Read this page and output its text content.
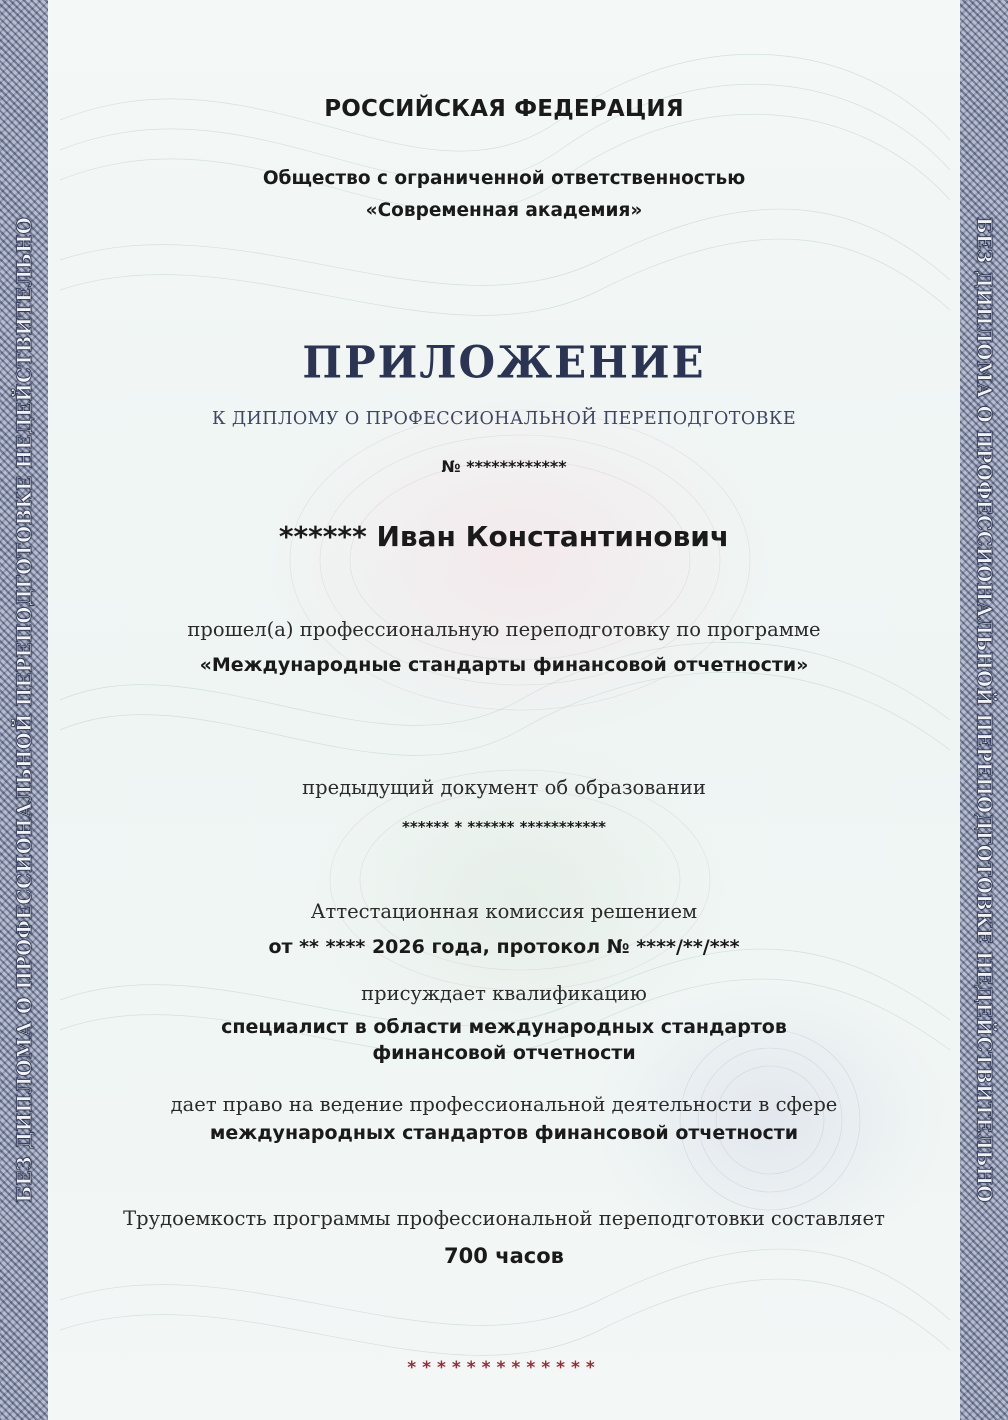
БЕЗ ДИПЛОМА О ПРОФЕССИОНАЛЬНОЙ ПЕРЕПОДГОТОВКЕ НЕДЕЙСТВИТЕЛЬНО	БЕЗ ДИПЛОМА О ПРОФЕССИОНАЛЬНОЙ ПЕРЕПОДГОТОВКЕ НЕДЕЙСТВИТЕЛЬНО
РОССИЙСКАЯ ФЕДЕРАЦИЯ
Общество с ограниченной ответственностью
«Современная академия»
ПРИЛОЖЕНИЕ
К ДИПЛОМУ О ПРОФЕССИОНАЛЬНОЙ ПЕРЕПОДГОТОВКЕ
№ ************
****** Иван Константинович
прошел(а) профессиональную переподготовку по программе
«Международные стандарты финансовой отчетности»
предыдущий документ об образовании
****** * ****** ***********
Аттестационная комиссия решением
от ** **** 2026 года, протокол № ****/**/***
присуждает квалификацию
специалист в области международных стандартов
финансовой отчетности
дает право на ведение профессиональной деятельности в сфере
международных стандартов финансовой отчетности
Трудоемкость программы профессиональной переподготовки составляет
700 часов
*************
